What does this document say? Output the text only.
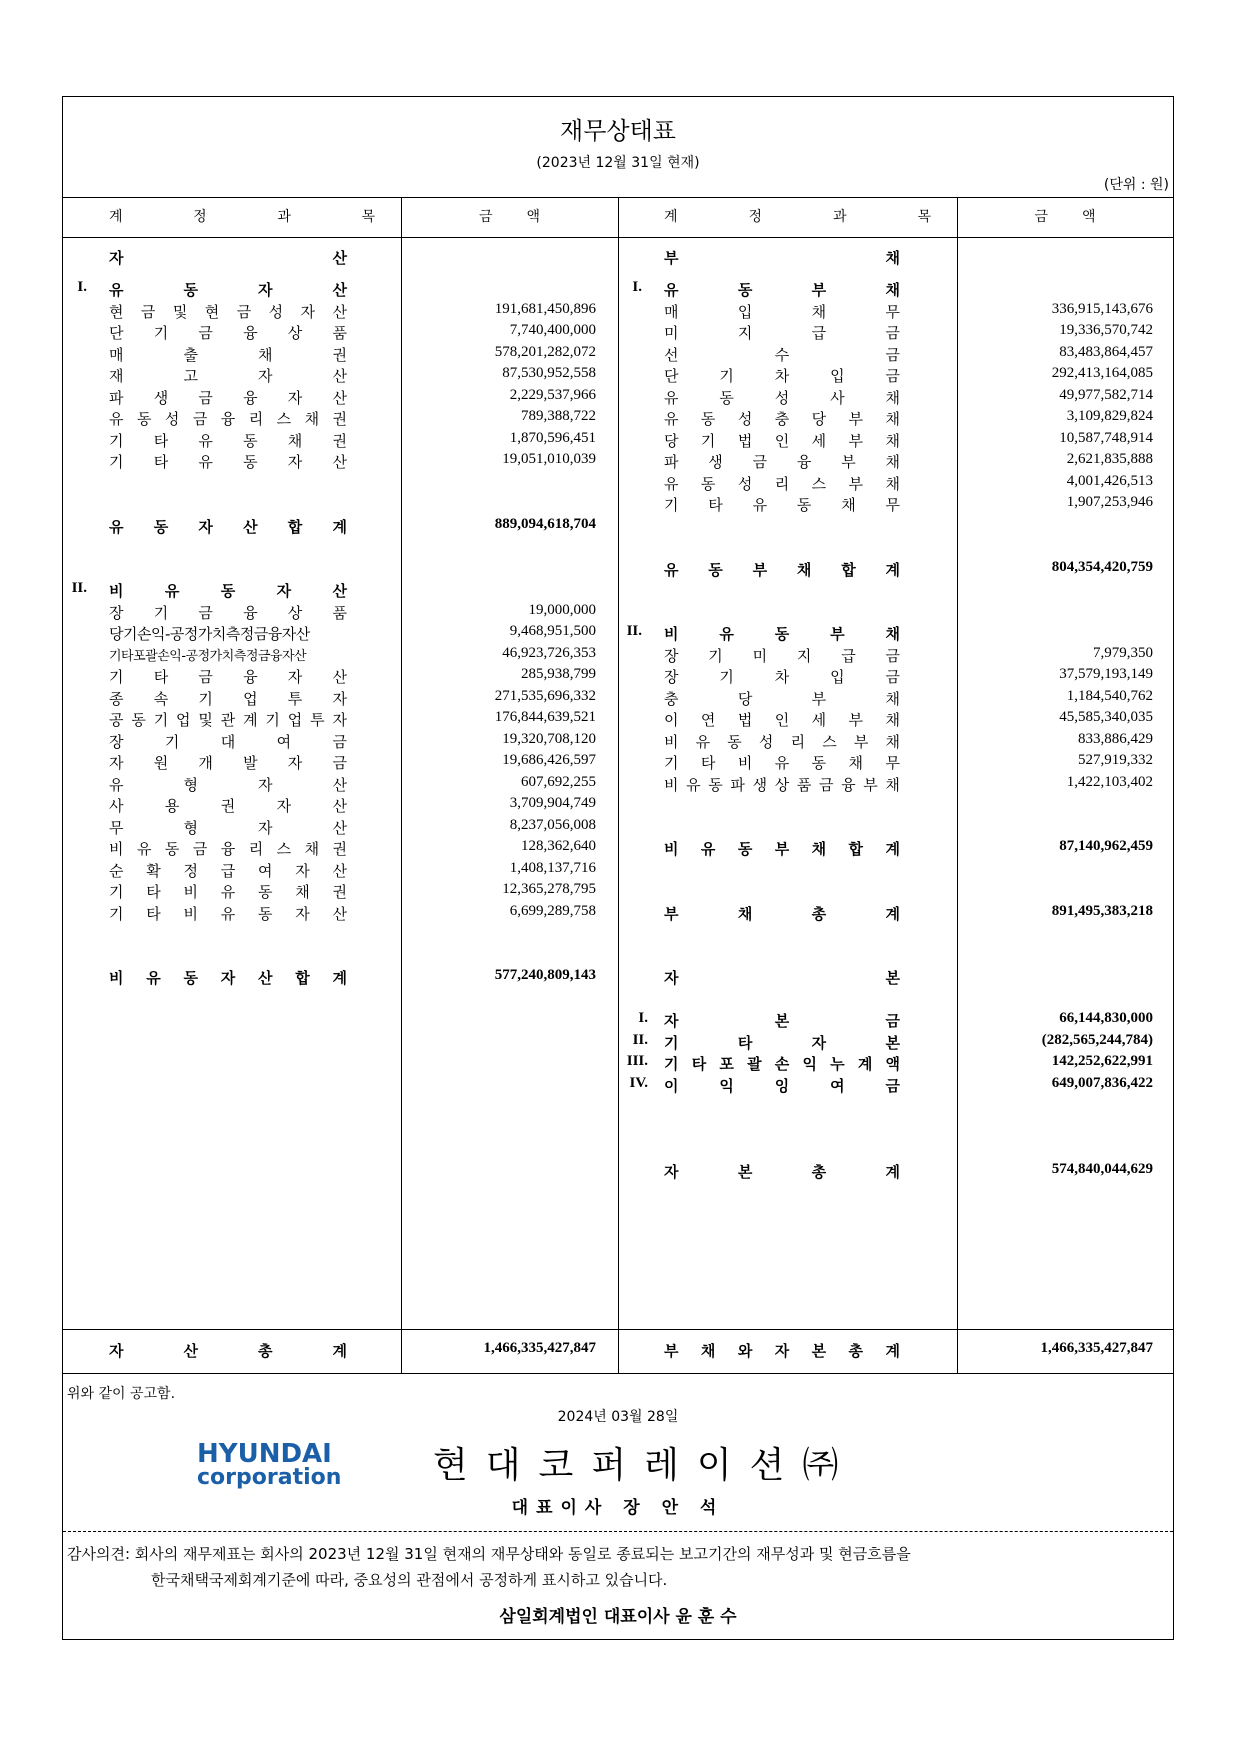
재무상태표
(2023년 12월 31일 현재)
(단위 : 원)
계	정	과	목	계	정	과	목
금액	금액
자	산
I. 유	동	자	산
현 금 및 현 금 성 자 산	191,681,450,896
단 기 금 융 상 품	7,740,400,000
매	출	채	권	578,201,282,072
재	고	자	산	87,530,952,558
파 생 금 융 자 산	2,229,537,966
유 동 성 금 융 리 스 채 권	789,388,722
기 타 유 동 채 권	1,870,596,451
기 타 유 동 자 산	19,051,010,039
유 동 자 산 합 계	889,094,618,704
II. 비	유	동	자	산
장 기 금 융 상 품	19,000,000
당기손익-공정가치측정금융자산	9,468,951,500
기타포괄손익-공정가치측정금융자산	46,923,726,353
기 타 금 융 자 산	285,938,799
종 속 기 업 투 자	271,535,696,332
공 동 기 업 및 관 계 기 업 투 자	176,844,639,521
장	기	대	여	금	19,320,708,120
자 원 개 발 자 금	19,686,426,597
유	형	자	산	607,692,255
사	용	권	자	산	3,709,904,749
무	형	자	산	8,237,056,008
비 유 동 금 융 리 스 채 권	128,362,640
순 확 정 급 여 자 산	1,408,137,716
기 타 비 유 동 채 권	12,365,278,795
기 타 비 유 동 자 산	6,699,289,758
비 유 동 자 산 합 계	577,240,809,143
자	산	총	계	1,466,335,427,847
부	채
I. 유	동	부	채
매	입	채	무	336,915,143,676
미	지	급	금	19,336,570,742
선	수	금	83,483,864,457
단	기	차	입	금	292,413,164,085
유	동	성	사	채	49,977,582,714
유 동 성 충 당 부 채	3,109,829,824
당 기 법 인 세 부 채	10,587,748,914
파 생 금 융 부 채	2,621,835,888
유 동 성 리 스 부 채	4,001,426,513
기 타 유 동 채 무	1,907,253,946
유 동 부 채 합 계	804,354,420,759
II. 비	유	동	부	채
장 기 미 지 급 금	7,979,350
장	기	차	입	금	37,579,193,149
충	당	부	채	1,184,540,762
이 연 법 인 세 부 채	45,585,340,035
비 유 동 성 리 스 부 채	833,886,429
기 타 비 유 동 채 무	527,919,332
비 유 동 파 생 상 품 금 융 부 채	1,422,103,402
비 유 동 부 채 합 계	87,140,962,459
부	채	총	계	891,495,383,218
자	본
I. 자	본	금	66,144,830,000
II. 기	타	자	본	(282,565,244,784)
III. 기 타 포 괄 손 익 누 계 액	142,252,622,991
IV. 이	익	잉	여	금	649,007,836,422
자	본	총	계	574,840,044,629
부 채 와 자 본 총 계	1,466,335,427,847
위와 같이 공고함.
2024년 03월 28일
HYUNDAI
corporation	현대코퍼레이션㈜
대표이사 장 안 석
감사의견: 회사의 재무제표는 회사의 2023년 12월 31일 현재의 재무상태와 동일로 종료되는 보고기간의 재무성과 및 현금흐름을
한국채택국제회계기준에 따라, 중요성의 관점에서 공정하게 표시하고 있습니다.
삼일회계법인 대표이사 윤 훈 수
